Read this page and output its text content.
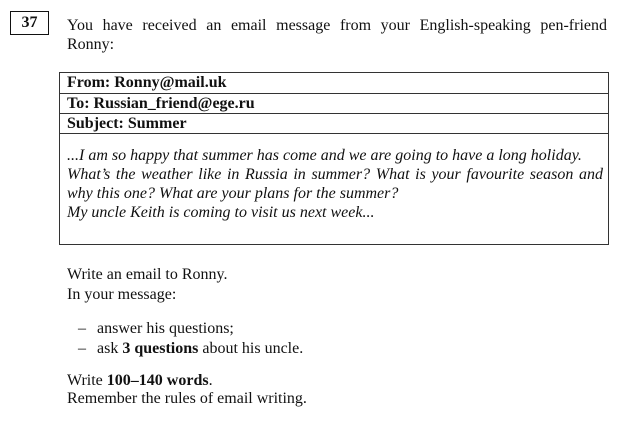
37	You have received an email message from your English-speaking pen-friend Ronny:
From: Ronny@mail.uk
To: Russian_friend@ege.ru
Subject: Summer

...I am so happy that summer has come and we are going to have a long holiday.

What’s the weather like in Russia in summer? What is your favourite season and why this one? What are your plans for the summer?

My uncle Keith is coming to visit us next week...

Write an email to Ronny.
In your message:
– answer his questions;
– ask 3 questions about his uncle.
Write 100–140 words.
Remember the rules of email writing.
